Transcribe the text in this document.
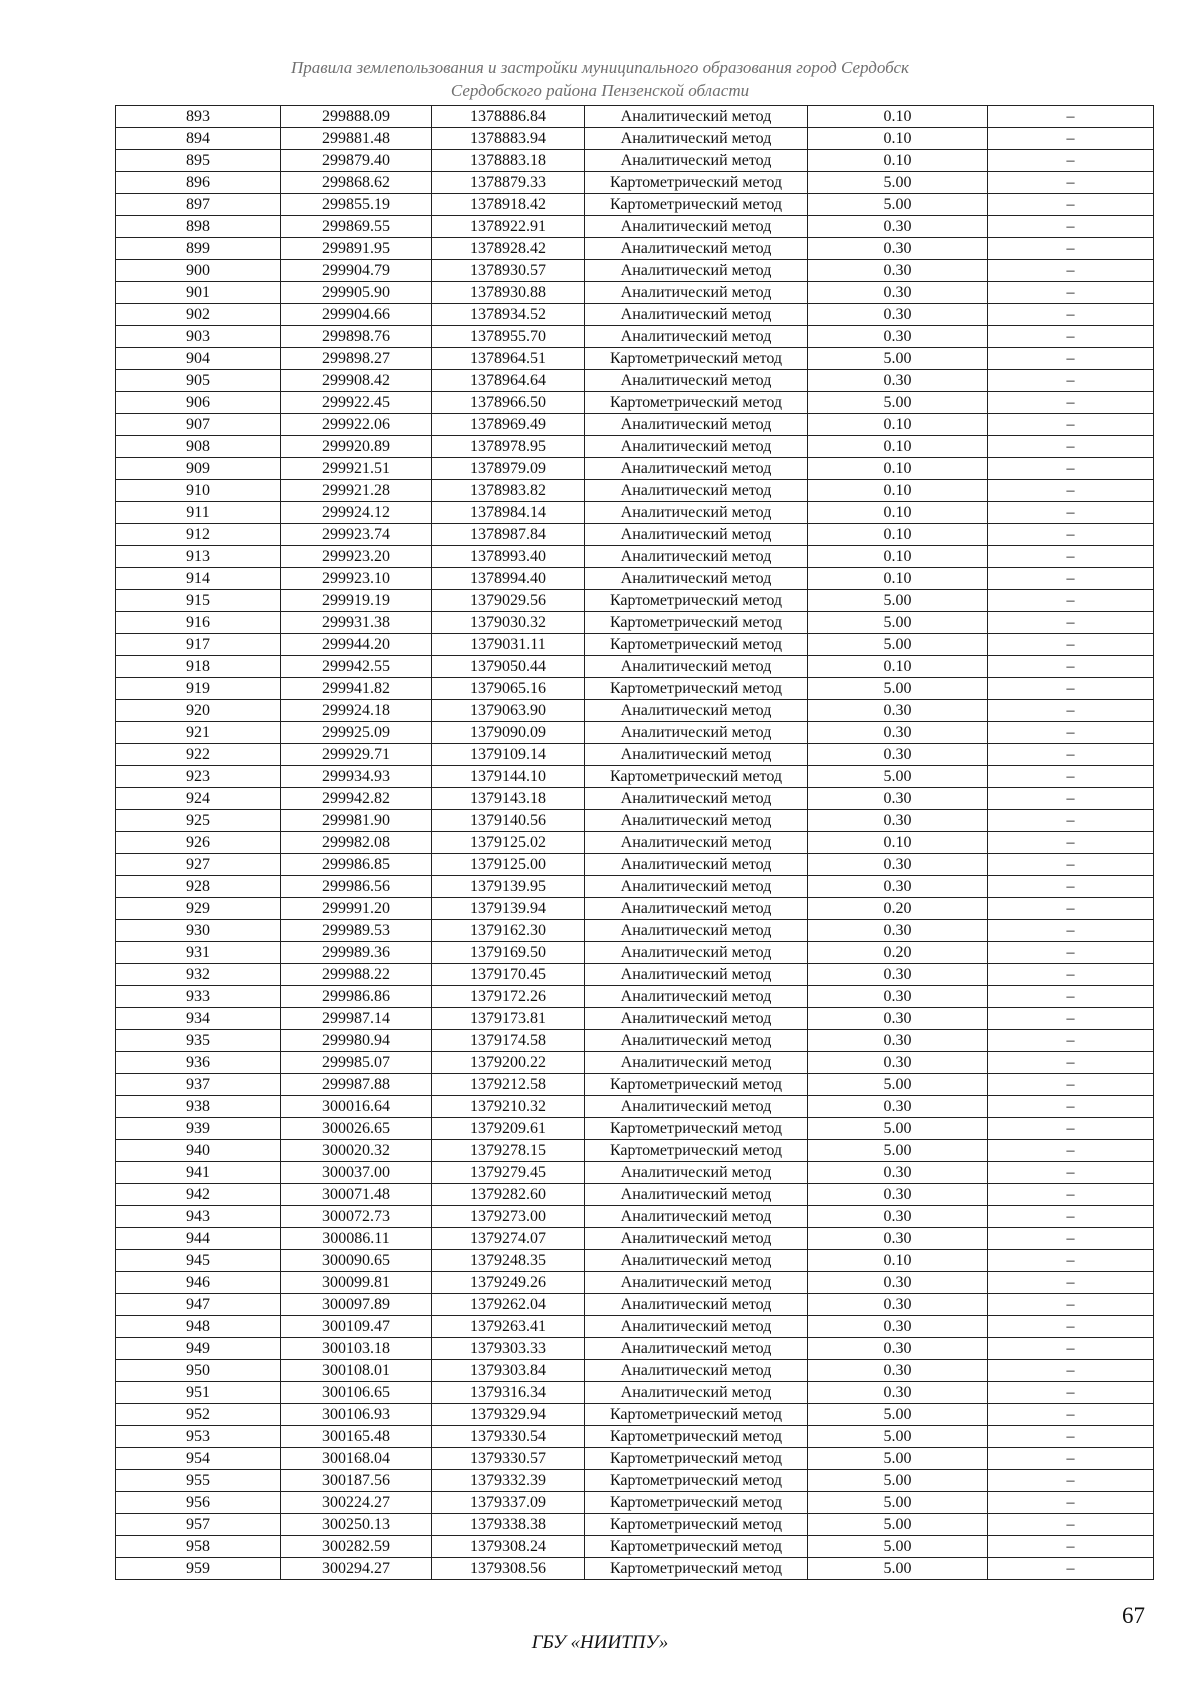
Правила землепользования и застройки муниципального образования город Сердобск
Сердобского района Пензенской области
893	299888.09	1378886.84	Аналитический метод	0.10	–
894	299881.48	1378883.94	Аналитический метод	0.10	–
895	299879.40	1378883.18	Аналитический метод	0.10	–
896	299868.62	1378879.33	Картометрический метод	5.00	–
897	299855.19	1378918.42	Картометрический метод	5.00	–
898	299869.55	1378922.91	Аналитический метод	0.30	–
899	299891.95	1378928.42	Аналитический метод	0.30	–
900	299904.79	1378930.57	Аналитический метод	0.30	–
901	299905.90	1378930.88	Аналитический метод	0.30	–
902	299904.66	1378934.52	Аналитический метод	0.30	–
903	299898.76	1378955.70	Аналитический метод	0.30	–
904	299898.27	1378964.51	Картометрический метод	5.00	–
905	299908.42	1378964.64	Аналитический метод	0.30	–
906	299922.45	1378966.50	Картометрический метод	5.00	–
907	299922.06	1378969.49	Аналитический метод	0.10	–
908	299920.89	1378978.95	Аналитический метод	0.10	–
909	299921.51	1378979.09	Аналитический метод	0.10	–
910	299921.28	1378983.82	Аналитический метод	0.10	–
911	299924.12	1378984.14	Аналитический метод	0.10	–
912	299923.74	1378987.84	Аналитический метод	0.10	–
913	299923.20	1378993.40	Аналитический метод	0.10	–
914	299923.10	1378994.40	Аналитический метод	0.10	–
915	299919.19	1379029.56	Картометрический метод	5.00	–
916	299931.38	1379030.32	Картометрический метод	5.00	–
917	299944.20	1379031.11	Картометрический метод	5.00	–
918	299942.55	1379050.44	Аналитический метод	0.10	–
919	299941.82	1379065.16	Картометрический метод	5.00	–
920	299924.18	1379063.90	Аналитический метод	0.30	–
921	299925.09	1379090.09	Аналитический метод	0.30	–
922	299929.71	1379109.14	Аналитический метод	0.30	–
923	299934.93	1379144.10	Картометрический метод	5.00	–
924	299942.82	1379143.18	Аналитический метод	0.30	–
925	299981.90	1379140.56	Аналитический метод	0.30	–
926	299982.08	1379125.02	Аналитический метод	0.10	–
927	299986.85	1379125.00	Аналитический метод	0.30	–
928	299986.56	1379139.95	Аналитический метод	0.30	–
929	299991.20	1379139.94	Аналитический метод	0.20	–
930	299989.53	1379162.30	Аналитический метод	0.30	–
931	299989.36	1379169.50	Аналитический метод	0.20	–
932	299988.22	1379170.45	Аналитический метод	0.30	–
933	299986.86	1379172.26	Аналитический метод	0.30	–
934	299987.14	1379173.81	Аналитический метод	0.30	–
935	299980.94	1379174.58	Аналитический метод	0.30	–
936	299985.07	1379200.22	Аналитический метод	0.30	–
937	299987.88	1379212.58	Картометрический метод	5.00	–
938	300016.64	1379210.32	Аналитический метод	0.30	–
939	300026.65	1379209.61	Картометрический метод	5.00	–
940	300020.32	1379278.15	Картометрический метод	5.00	–
941	300037.00	1379279.45	Аналитический метод	0.30	–
942	300071.48	1379282.60	Аналитический метод	0.30	–
943	300072.73	1379273.00	Аналитический метод	0.30	–
944	300086.11	1379274.07	Аналитический метод	0.30	–
945	300090.65	1379248.35	Аналитический метод	0.10	–
946	300099.81	1379249.26	Аналитический метод	0.30	–
947	300097.89	1379262.04	Аналитический метод	0.30	–
948	300109.47	1379263.41	Аналитический метод	0.30	–
949	300103.18	1379303.33	Аналитический метод	0.30	–
950	300108.01	1379303.84	Аналитический метод	0.30	–
951	300106.65	1379316.34	Аналитический метод	0.30	–
952	300106.93	1379329.94	Картометрический метод	5.00	–
953	300165.48	1379330.54	Картометрический метод	5.00	–
954	300168.04	1379330.57	Картометрический метод	5.00	–
955	300187.56	1379332.39	Картометрический метод	5.00	–
956	300224.27	1379337.09	Картометрический метод	5.00	–
957	300250.13	1379338.38	Картометрический метод	5.00	–
958	300282.59	1379308.24	Картометрический метод	5.00	–
959	300294.27	1379308.56	Картометрический метод	5.00	–
67
ГБУ «НИИТПУ»
